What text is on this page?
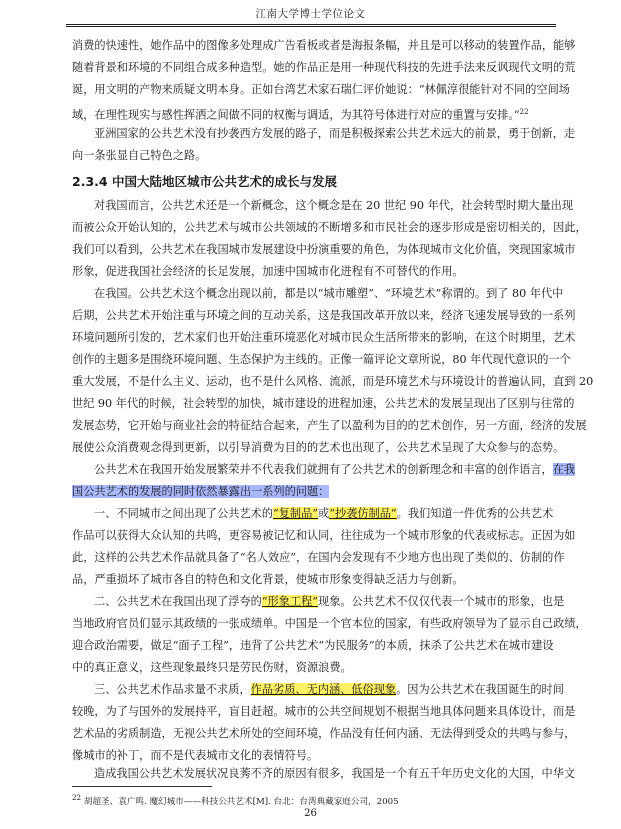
江南大学博士学位论文
消费的快速性，她作品中的图像多处理成广告看板或者是海报条幅，并且是可以移动的装置作品，能够
随着背景和环境的不同组合成多种造型。她的作品正是用一种现代科技的先进手法来反讽现代文明的荒
诞，用文明的产物来质疑文明本身。正如台湾艺术家石瑞仁评价她说：“林佩淳很能针对不同的空间场
域，在理性现实与感性挥洒之间做不同的权衡与调适，为其符号体进行对应的重置与安排。”$^{22}$
亚洲国家的公共艺术没有抄袭西方发展的路子，而是积极探索公共艺术远大的前景，勇于创新，走
向一条张显自己特色之路。
2.3.4 中国大陆地区城市公共艺术的成长与发展
对我国而言，公共艺术还是一个新概念，这个概念是在 20 世纪 90 年代，社会转型时期大量出现
而被公众开始认知的，公共艺术与城市公共领域的不断增多和市民社会的逐步形成是密切相关的，因此，
我们可以看到，公共艺术在我国城市发展建设中扮演重要的角色，为体现城市文化价值，突现国家城市
形象，促进我国社会经济的长足发展，加速中国城市化进程有不可替代的作用。
在我国。公共艺术这个概念出现以前，都是以“城市雕塑”、“环境艺术”称谓的。到了 80 年代中
后期，公共艺术开始注重与环境之间的互动关系，这是我国改革开放以来，经济飞速发展导致的一系列
环境问题所引发的，艺术家们也开始注重环境恶化对城市民众生活所带来的影响，在这个时期里，艺术
创作的主题多是围绕环境问题、生态保护为主线的。正像一篇评论文章所说，80 年代现代意识的一个
重大发展，不是什么主义、运动，也不是什么风格、流派，而是环境艺术与环境设计的普遍认同，直到 20
世纪 90 年代的时候，社会转型的加快，城市建设的进程加速，公共艺术的发展呈现出了区别与往常的
发展态势，它开始与商业社会的特征结合起来，产生了以盈利为目的的艺术创作，另一方面，经济的发展
展使公众消费观念得到更新，以引导消费为目的的艺术也出现了，公共艺术呈现了大众参与的态势。
公共艺术在我国开始发展繁荣并不代表我们就拥有了公共艺术的创新理念和丰富的创作语言，在我
国公共艺术的发展的同时依然暴露出一系列的问题：
一、不同城市之间出现了公共艺术的“复制品”或“抄袭仿制品”。我们知道一件优秀的公共艺术
作品可以获得大众认知的共鸣，更容易被记忆和认同，往往成为一个城市形象的代表或标志。正因为如
此，这样的公共艺术作品就具备了“名人效应”，在国内会发现有不少地方也出现了类似的、仿制的作
品，严重损坏了城市各自的特色和文化背景，使城市形象变得缺乏活力与创新。
二、公共艺术在我国出现了浮夸的“形象工程”现象。公共艺术不仅仅代表一个城市的形象，也是
当地政府官员们显示其政绩的一张成绩单。中国是一个官本位的国家，有些政府领导为了显示自己政绩，
迎合政治需要，做足“面子工程”，违背了公共艺术“为民服务”的本质，抹杀了公共艺术在城市建设
中的真正意义，这些现象最终只是劳民伤财，资源浪费。
三、公共艺术作品求量不求质，作品劣质、无内涵、低俗现象。因为公共艺术在我国诞生的时间
较晚，为了与国外的发展持平，盲目赶超。城市的公共空间规划不根据当地具体问题来具体设计，而是
艺术品的劣质制造，无视公共艺术所处的空间环境，作品没有任何内涵、无法得到受众的共鸣与参与，
像城市的补丁，而不是代表城市文化的表情符号。
造成我国公共艺术发展状况良莠不齐的原因有很多，我国是一个有五千年历史文化的大国，中华文
$^{22}$ 胡超圣、袁广鸣. 魔幻城市——科技公共艺术[M]. 台北：台湾典藏家庭公司，2005
26
